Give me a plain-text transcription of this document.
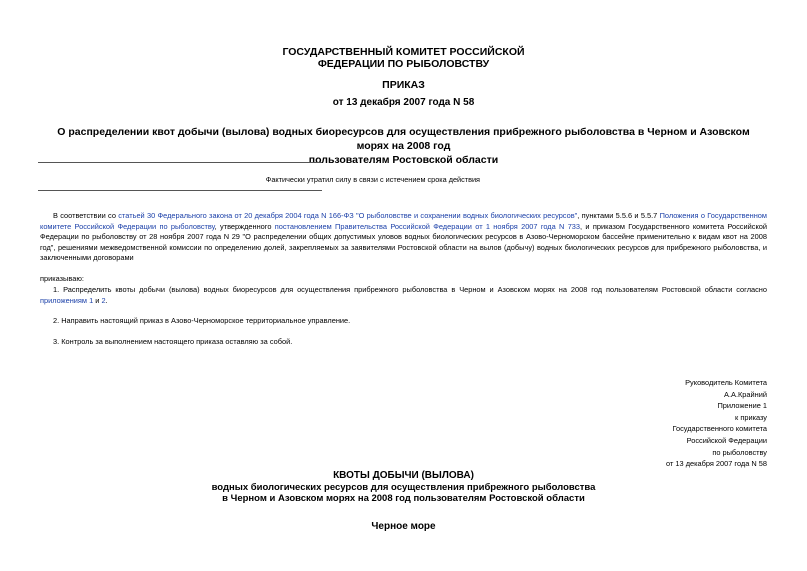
ГОСУДАРСТВЕННЫЙ КОМИТЕТ РОССИЙСКОЙ
ФЕДЕРАЦИИ ПО РЫБОЛОВСТВУ
ПРИКАЗ
от 13 декабря 2007 года N 58
О распределении квот добычи (вылова) водных биоресурсов для осуществления прибрежного рыболовства в Черном и Азовском морях на 2008 год
пользователям Ростовской области
Фактически утратил силу в связи с истечением срока действия
В соответствии со статьей 30 Федерального закона от 20 декабря 2004 года N 166-ФЗ "О рыболовстве и сохранении водных биологических ресурсов", пунктами 5.5.6 и 5.5.7 Положения о Государственном комитете Российской Федерации по рыболовству, утвержденного постановлением Правительства Российской Федерации от 1 ноября 2007 года N 733, и приказом Государственного комитета Российской Федерации по рыболовству от 28 ноября 2007 года N 29 "О распределении общих допустимых уловов водных биологических ресурсов в Азово-Черноморском бассейне применительно к видам квот на 2008 год", решениями межведомственной комиссии по определению долей, закрепляемых за заявителями Ростовской области на вылов (добычу) водных биологических ресурсов для прибрежного рыболовства, и заключенными договорами
приказываю:
1. Распределить квоты добычи (вылова) водных биоресурсов для осуществления прибрежного рыболовства в Черном и Азовском морях на 2008 год пользователям Ростовской области согласно приложениям 1 и 2.
2. Направить настоящий приказ в Азово-Черноморское территориальное управление.
3. Контроль за выполнением настоящего приказа оставляю за собой.
Руководитель Комитета
А.А.Крайний
Приложение 1
к приказу
Государственного комитета
Российской Федерации
по рыболовству
от 13 декабря 2007 года N 58
КВОТЫ ДОБЫЧИ (ВЫЛОВА)
водных биологических ресурсов для осуществления прибрежного рыболовства
в Черном и Азовском морях на 2008 год пользователям Ростовской области
Черное море
